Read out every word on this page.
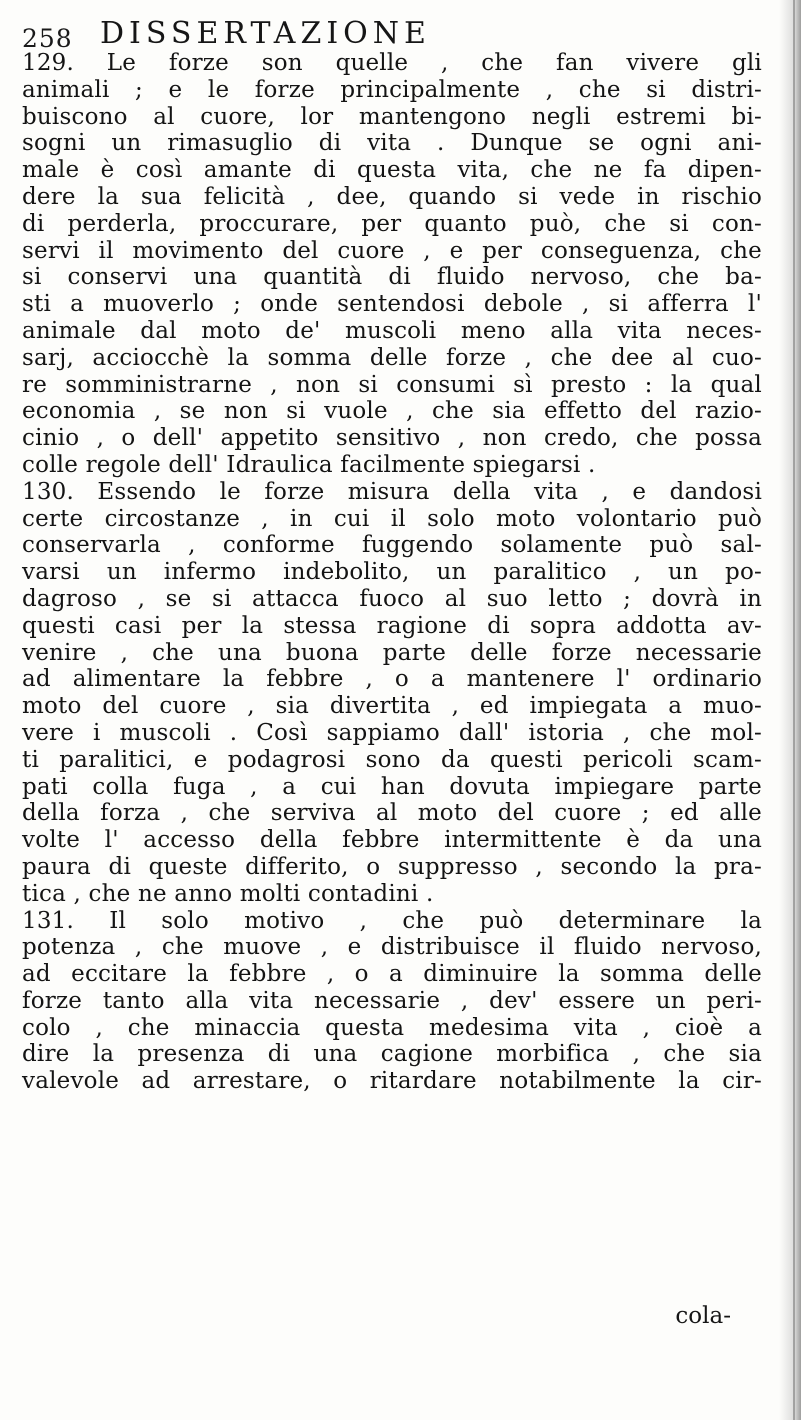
258 DISSERTAZIONE
129. Le forze son quelle , che fan vivere gli
animali ; e le forze principalmente , che si distri-
buiscono al cuore, lor mantengono negli estremi bi-
sogni un rimasuglio di vita . Dunque se ogni ani-
male è così amante di questa vita, che ne fa dipen-
dere la sua felicità , dee, quando si vede in rischio
di perderla, proccurare, per quanto può, che si con-
servi il movimento del cuore , e per conseguenza, che
si conservi una quantità di fluido nervoso, che ba-
sti a muoverlo ; onde sentendosi debole , si afferra l'
animale dal moto de' muscoli meno alla vita neces-
sarj, acciocchè la somma delle forze , che dee al cuo-
re somministrarne , non si consumi sì presto : la qual
economia , se non si vuole , che sia effetto del razio-
cinio , o dell' appetito sensitivo , non credo, che possa
colle regole dell' Idraulica facilmente spiegarsi .
130. Essendo le forze misura della vita , e dandosi
certe circostanze , in cui il solo moto volontario può
conservarla , conforme fuggendo solamente può sal-
varsi un infermo indebolito, un paralitico , un po-
dagroso , se si attacca fuoco al suo letto ; dovrà in
questi casi per la stessa ragione di sopra addotta av-
venire , che una buona parte delle forze necessarie
ad alimentare la febbre , o a mantenere l' ordinario
moto del cuore , sia divertita , ed impiegata a muo-
vere i muscoli . Così sappiamo dall' istoria , che mol-
ti paralitici, e podagrosi sono da questi pericoli scam-
pati colla fuga , a cui han dovuta impiegare parte
della forza , che serviva al moto del cuore ; ed alle
volte l' accesso della febbre intermittente è da una
paura di queste differito, o suppresso , secondo la pra-
tica , che ne anno molti contadini .
131. Il solo motivo , che può determinare la
potenza , che muove , e distribuisce il fluido nervoso,
ad eccitare la febbre , o a diminuire la somma delle
forze tanto alla vita necessarie , dev' essere un peri-
colo , che minaccia questa medesima vita , cioè a
dire la presenza di una cagione morbifica , che sia
valevole ad arrestare, o ritardare notabilmente la cir-
cola-
